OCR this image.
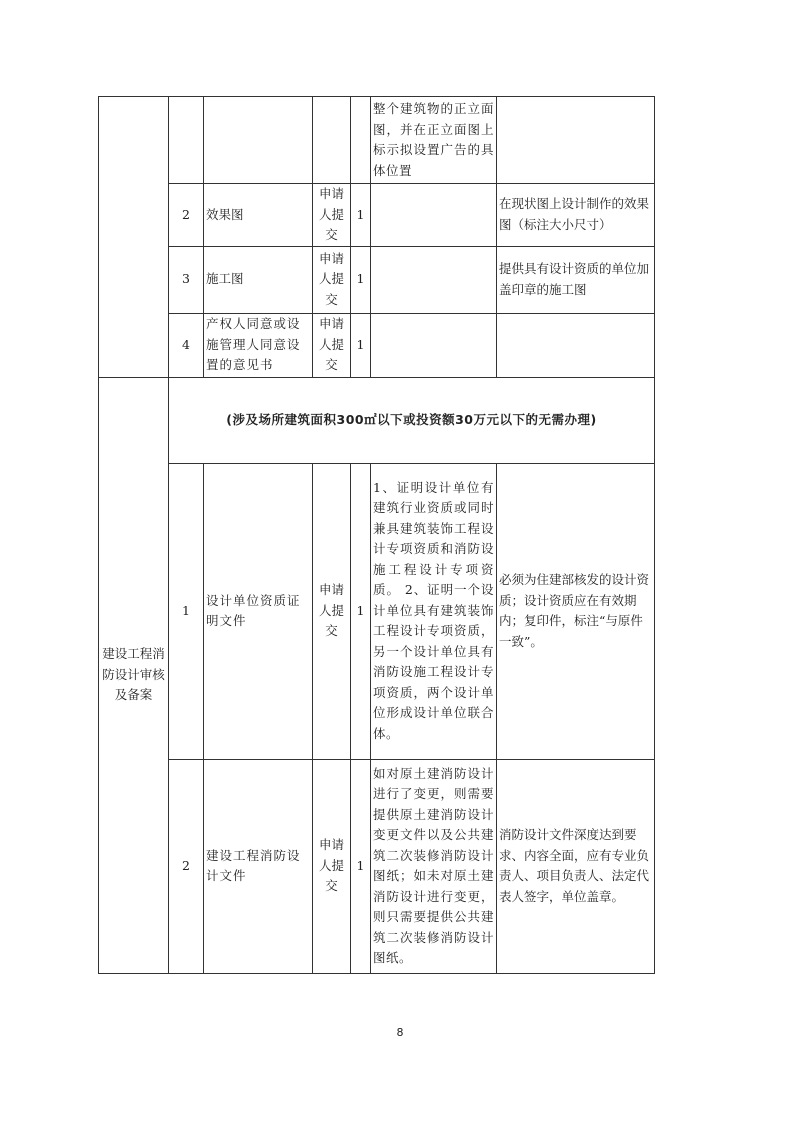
					整个建筑物的正立面图，并在正立面图上标示拟设置广告的具体位置	
	2	效果图	申请人提交	1		在现状图上设计制作的效果图（标注大小尺寸）
	3	施工图	申请人提交	1		提供具有设计资质的单位加盖印章的施工图
	4	产权人同意或设施管理人同意设置的意见书	申请人提交	1		
建设工程消防设计审核及备案	(涉及场所建筑面积300㎡以下或投资额30万元以下的无需办理)					
	1	设计单位资质证明文件	申请人提交	1	1、证明设计单位有建筑行业资质或同时兼具建筑装饰工程设计专项资质和消防设施工程设计专项资质。 2、证明一个设计单位具有建筑装饰工程设计专项资质，另一个设计单位具有消防设施工程设计专项资质，两个设计单位形成设计单位联合体。	必须为住建部核发的设计资质；设计资质应在有效期内；复印件，标注“与原件一致”。
	2	建设工程消防设计文件	申请人提交	1	如对原土建消防设计进行了变更，则需要提供原土建消防设计变更文件以及公共建筑二次装修消防设计图纸；如未对原土建消防设计进行变更，则只需要提供公共建筑二次装修消防设计图纸。	消防设计文件深度达到要求、内容全面，应有专业负责人、项目负责人、法定代表人签字，单位盖章。
8
